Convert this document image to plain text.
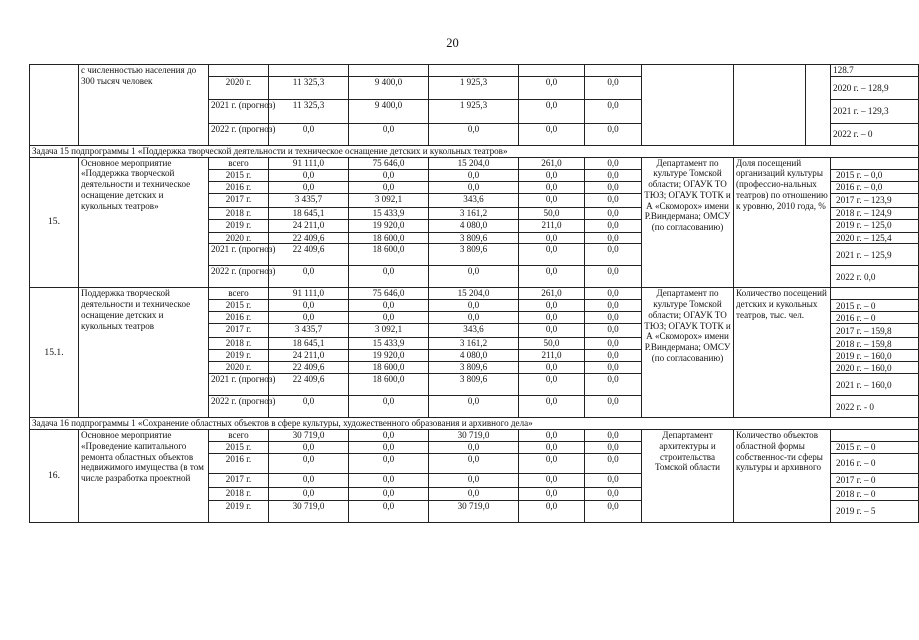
20
	с численностью населения до 300 тысяч человек										128.7
		2020 г.	11 325,3	9 400,0	1 925,3	0,0	0,0				2020 г. – 128,9
		2021 г. (прогноз)	11 325,3	9 400,0	1 925,3	0,0	0,0				2021 г. – 129,3
		2022 г. (прогноз)	0,0	0,0	0,0	0,0	0,0				2022 г. – 0
Задача 15 подпрограммы 1 «Поддержка творческой деятельности и техническое оснащение детских и кукольных театров»											
15.	Основное мероприятие «Поддержка творческой деятельности и техническое оснащение детских и кукольных театров»	всего	91 111,0	75 646,0	15 204,0	261,0	0,0	Департамент по культуре Томской области; ОГАУК ТО ТЮЗ; ОГАУК ТОТК и А «Скоморох» имени Р.Виндермана; ОМСУ (по согласованию)	Доля посещений организаций культуры (профессио-нальных театров) по отношению к уровню, 2010 года, %		
		2015 г.	0,0	0,0	0,0	0,0	0,0				2015 г. – 0,0
		2016 г.	0,0	0,0	0,0	0,0	0,0				2016 г. – 0,0
		2017 г.	3 435,7	3 092,1	343,6	0,0	0,0				2017 г. – 123,9
		2018 г.	18 645,1	15 433,9	3 161,2	50,0	0,0				2018 г. – 124,9
		2019 г.	24 211,0	19 920,0	4 080,0	211,0	0,0				2019 г. – 125,0
		2020 г.	22 409,6	18 600,0	3 809,6	0,0	0,0				2020 г. – 125,4
		2021 г. (прогноз)	22 409,6	18 600,0	3 809,6	0,0	0,0				2021 г. – 125,9
		2022 г. (прогноз)	0,0	0,0	0,0	0,0	0,0				2022 г. 0,0
15.1.	Поддержка творческой деятельности и техническое оснащение детских и кукольных театров	всего	91 111,0	75 646,0	15 204,0	261,0	0,0	Департамент по культуре Томской области; ОГАУК ТО ТЮЗ; ОГАУК ТОТК и А «Скоморох» имени Р.Виндермана; ОМСУ (по согласованию)	Количество посещений детских и кукольных театров, тыс. чел.		
		2015 г.	0,0	0,0	0,0	0,0	0,0				2015 г. – 0
		2016 г.	0,0	0,0	0,0	0,0	0,0				2016 г. – 0
		2017 г.	3 435,7	3 092,1	343,6	0,0	0,0				2017 г. – 159,8
		2018 г.	18 645,1	15 433,9	3 161,2	50,0	0,0				2018 г. – 159,8
		2019 г.	24 211,0	19 920,0	4 080,0	211,0	0,0				2019 г. – 160,0
		2020 г.	22 409,6	18 600,0	3 809,6	0,0	0,0				2020 г. – 160,0
		2021 г. (прогноз)	22 409,6	18 600,0	3 809,6	0,0	0,0				2021 г. – 160,0
		2022 г. (прогноз)	0,0	0,0	0,0	0,0	0,0				2022 г. - 0
Задача 16 подпрограммы 1 «Сохранение областных объектов в сфере культуры, художественного образования и архивного дела»											
16.	Основное мероприятие «Проведение капитального ремонта областных объектов недвижимого имущества (в том числе разработка проектной	всего	30 719,0	0,0	30 719,0	0,0	0,0	Департамент архитектуры и строительства Томской области	Количество объектов областной формы собственнос-ти сферы культуры и архивного		
		2015 г.	0,0	0,0	0,0	0,0	0,0				2015 г. – 0
		2016 г.	0,0	0,0	0,0	0,0	0,0				2016 г. – 0
		2017 г.	0,0	0,0	0,0	0,0	0,0				2017 г. – 0
		2018 г.	0,0	0,0	0,0	0,0	0,0				2018 г. – 0
		2019 г.	30 719,0	0,0	30 719,0	0,0	0,0				2019 г. – 5
